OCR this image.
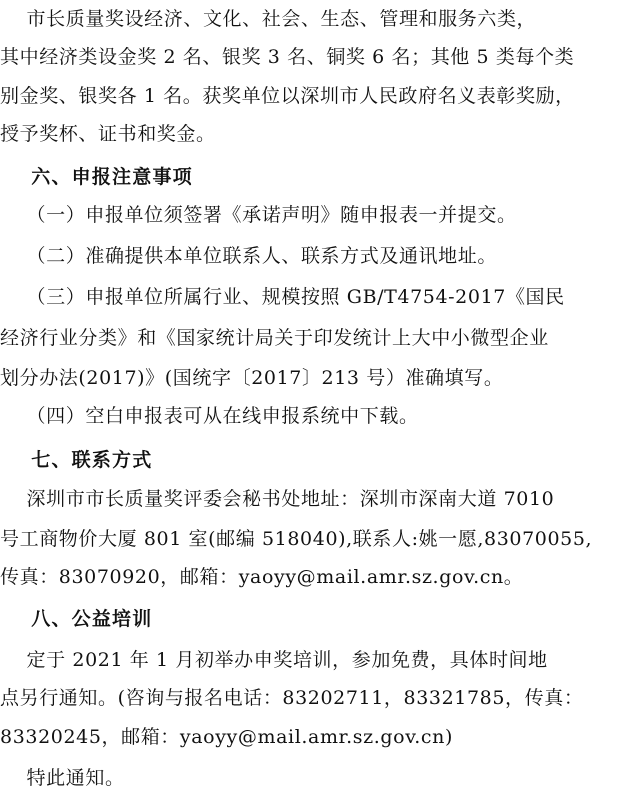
市长质量奖设经济、文化、社会、生态、管理和服务六类，
其中经济类设金奖 2 名、银奖 3 名、铜奖 6 名；其他 5 类每个类
别金奖、银奖各 1 名。获奖单位以深圳市人民政府名义表彰奖励，
授予奖杯、证书和奖金。
六、申报注意事项
（一）申报单位须签署《承诺声明》随申报表一并提交。
（二）准确提供本单位联系人、联系方式及通讯地址。
（三）申报单位所属行业、规模按照 GB/T4754-2017《国民
经济行业分类》和《国家统计局关于印发统计上大中小微型企业
划分办法(2017)》(国统字〔2017〕213 号）准确填写。
（四）空白申报表可从在线申报系统中下载。
七、联系方式
深圳市市长质量奖评委会秘书处地址：深圳市深南大道 7010
号工商物价大厦 801 室(邮编 518040),联系人:姚一愿,83070055,
传真：83070920，邮箱：yaoyy@mail.amr.sz.gov.cn。
八、公益培训
定于 2021 年 1 月初举办申奖培训，参加免费，具体时间地
点另行通知。(咨询与报名电话：83202711，83321785，传真：
83320245，邮箱：yaoyy@mail.amr.sz.gov.cn)
特此通知。
